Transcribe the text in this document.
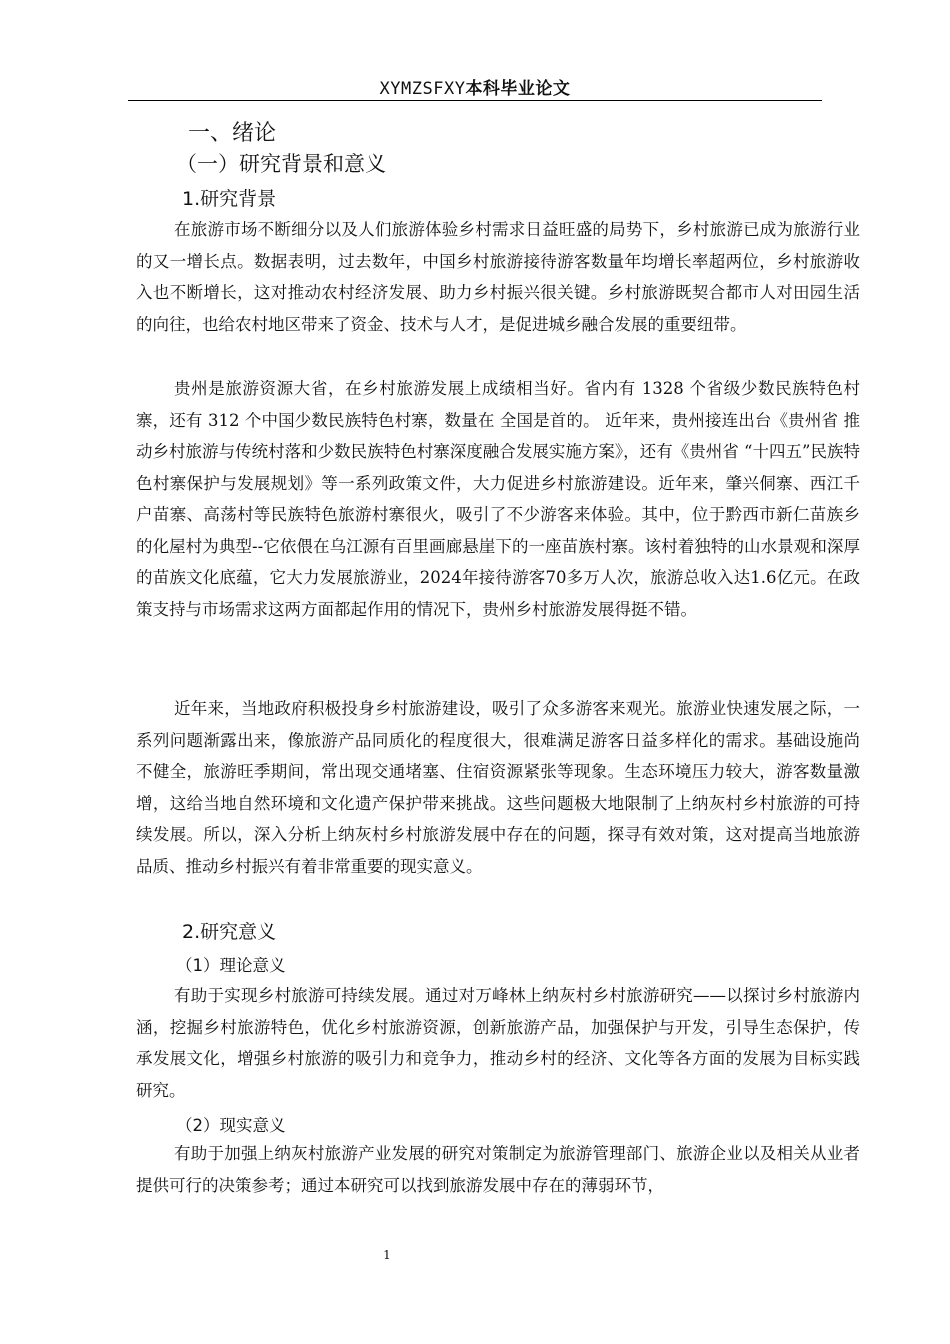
XYMZSFXY本科毕业论文
一、绪论
（一）研究背景和意义
1.研究背景

在旅游市场不断细分以及人们旅游体验乡村需求日益旺盛的局势下，乡村旅游已成为旅游行业的又一增长点。数据表明，过去数年，中国乡村旅游接待游客数量年均增长率超两位，乡村旅游收入也不断增长，这对推动农村经济发展、助力乡村振兴很关键。乡村旅游既契合都市人对田园生活的向往，也给农村地区带来了资金、技术与人才，是促进城乡融合发展的重要纽带。

贵州是旅游资源大省，在乡村旅游发展上成绩相当好。省内有 1328 个省级少数民族特色村寨，还有 312 个中国少数民族特色村寨，数量在 全国是首的。 近年来，贵州接连出台《贵州省 推动乡村旅游与传统村落和少数民族特色村寨深度融合发展实施方案》，还有《贵州省 “十四五”民族特色村寨保护与发展规划》等一系列政策文件，大力促进乡村旅游建设。近年来，肇兴侗寨、西江千户苗寨、高荡村等民族特色旅游村寨很火，吸引了不少游客来体验。其中，位于黔西市新仁苗族乡的化屋村为典型--它依偎在乌江源有百里画廊悬崖下的一座苗族村寨。该村着独特的山水景观和深厚的苗族文化底蕴，它大力发展旅游业，2024年接待游客70多万人次，旅游总收入达1.6亿元。在政策支持与市场需求这两方面都起作用的情况下，贵州乡村旅游发展得挺不错。

近年来，当地政府积极投身乡村旅游建设，吸引了众多游客来观光。旅游业快速发展之际，一系列问题渐露出来，像旅游产品同质化的程度很大，很难满足游客日益多样化的需求。基础设施尚不健全，旅游旺季期间，常出现交通堵塞、住宿资源紧张等现象。生态环境压力较大，游客数量激增，这给当地自然环境和文化遗产保护带来挑战。这些问题极大地限制了上纳灰村乡村旅游的可持续发展。所以，深入分析上纳灰村乡村旅游发展中存在的问题，探寻有效对策，这对提高当地旅游品质、推动乡村振兴有着非常重要的现实意义。

2.研究意义
（1）理论意义

有助于实现乡村旅游可持续发展。通过对万峰林上纳灰村乡村旅游研究——以探讨乡村旅游内涵，挖掘乡村旅游特色，优化乡村旅游资源，创新旅游产品，加强保护与开发，引导生态保护，传承发展文化，增强乡村旅游的吸引力和竞争力，推动乡村的经济、文化等各方面的发展为目标实践研究。

（2）现实意义

有助于加强上纳灰村旅游产业发展的研究对策制定为旅游管理部门、旅游企业以及相关从业者提供可行的决策参考；通过本研究可以找到旅游发展中存在的薄弱环节，

1
